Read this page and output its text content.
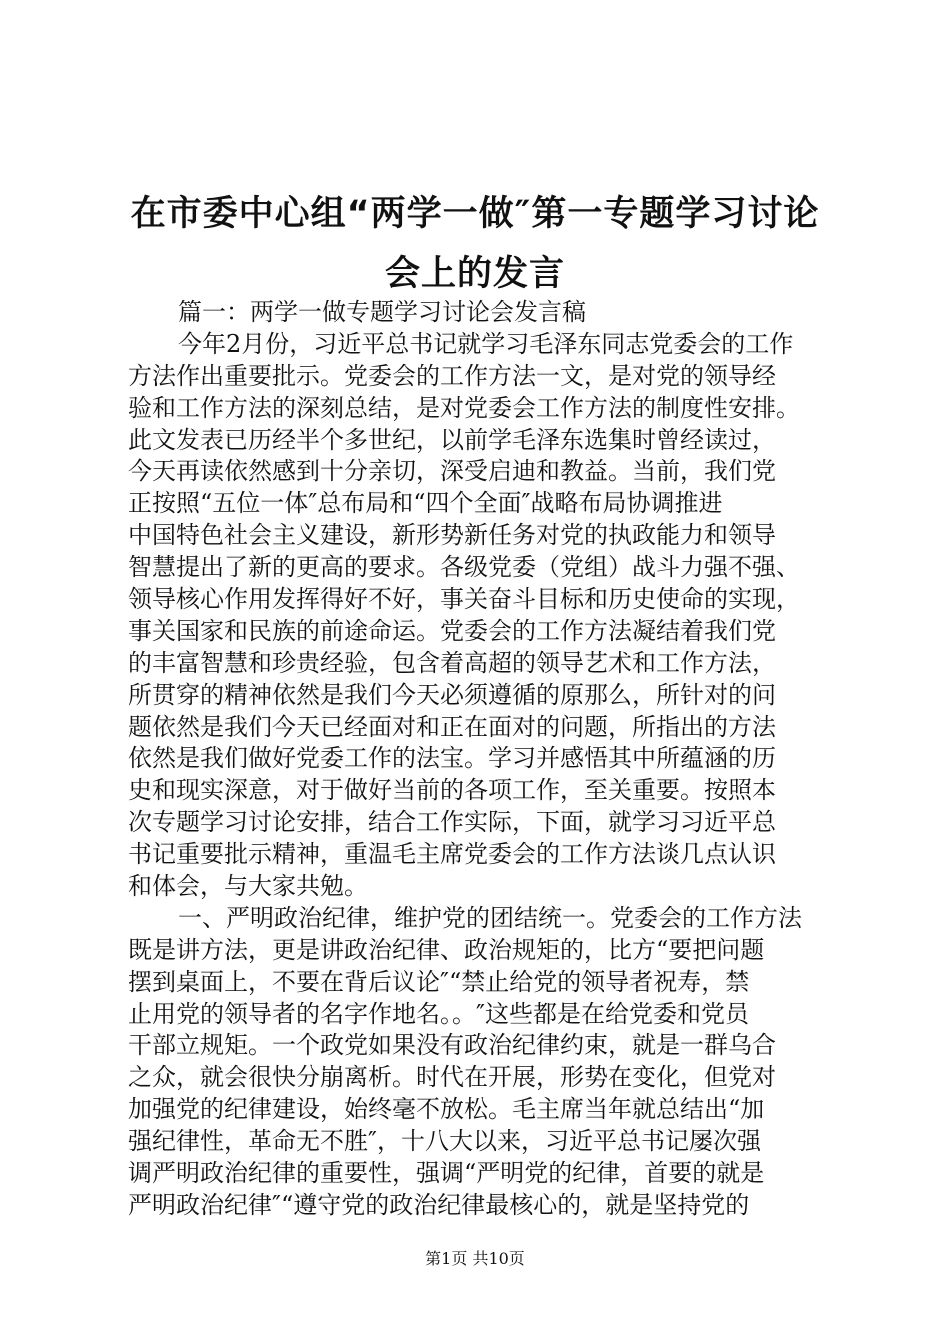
在市委中心组“两学一做″第一专题学习讨论
会上的发言
篇一：两学一做专题学习讨论会发言稿
今年2月份，习近平总书记就学习毛泽东同志党委会的工作
方法作出重要批示。党委会的工作方法一文，是对党的领导经
验和工作方法的深刻总结，是对党委会工作方法的制度性安排。
此文发表已历经半个多世纪，以前学毛泽东选集时曾经读过，
今天再读依然感到十分亲切，深受启迪和教益。当前，我们党
正按照“五位一体″总布局和“四个全面″战略布局协调推进
中国特色社会主义建设，新形势新任务对党的执政能力和领导
智慧提出了新的更高的要求。各级党委（党组）战斗力强不强、
领导核心作用发挥得好不好，事关奋斗目标和历史使命的实现，
事关国家和民族的前途命运。党委会的工作方法凝结着我们党
的丰富智慧和珍贵经验，包含着高超的领导艺术和工作方法，
所贯穿的精神依然是我们今天必须遵循的原那么，所针对的问
题依然是我们今天已经面对和正在面对的问题，所指出的方法
依然是我们做好党委工作的法宝。学习并感悟其中所蕴涵的历
史和现实深意，对于做好当前的各项工作，至关重要。按照本
次专题学习讨论安排，结合工作实际，下面，就学习习近平总
书记重要批示精神，重温毛主席党委会的工作方法谈几点认识
和体会，与大家共勉。
一、严明政治纪律，维护党的团结统一。党委会的工作方法
既是讲方法，更是讲政治纪律、政治规矩的，比方“要把问题
摆到桌面上，不要在背后议论″“禁止给党的领导者祝寿，禁
止用党的领导者的名字作地名。。″这些都是在给党委和党员
干部立规矩。一个政党如果没有政治纪律约束，就是一群乌合
之众，就会很快分崩离析。时代在开展，形势在变化，但党对
加强党的纪律建设，始终毫不放松。毛主席当年就总结出“加
强纪律性，革命无不胜″，十八大以来，习近平总书记屡次强
调严明政治纪律的重要性，强调“严明党的纪律，首要的就是
严明政治纪律″“遵守党的政治纪律最核心的，就是坚持党的
第1页 共10页
